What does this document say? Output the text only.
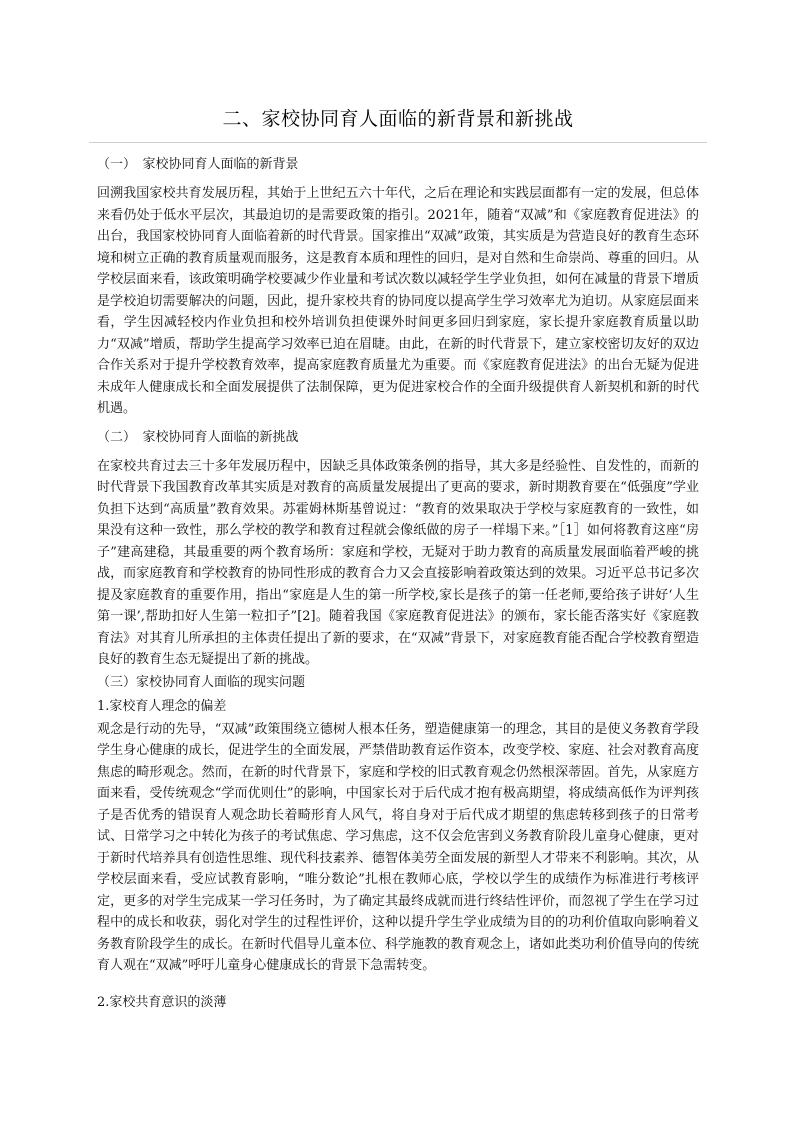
二、家校协同育人面临的新背景和新挑战
（一）　家校协同育人面临的新背景

回溯我国家校共育发展历程，其始于上世纪五六十年代，之后在理论和实践层面都有一定的发展，但总体来看仍处于低水平层次，其最迫切的是需要政策的指引。2021年，随着“双减”和《家庭教育促进法》的出台，我国家校协同育人面临着新的时代背景。国家推出“双减”政策，其实质是为营造良好的教育生态环境和树立正确的教育质量观而服务，这是教育本质和理性的回归，是对自然和生命崇尚、尊重的回归。从学校层面来看，该政策明确学校要减少作业量和考试次数以减轻学生学业负担，如何在减量的背景下增质是学校迫切需要解决的问题，因此，提升家校共育的协同度以提高学生学习效率尤为迫切。从家庭层面来看，学生因减轻校内作业负担和校外培训负担使课外时间更多回归到家庭，家长提升家庭教育质量以助力“双减”增质，帮助学生提高学习效率已迫在眉睫。由此，在新的时代背景下，建立家校密切友好的双边合作关系对于提升学校教育效率，提高家庭教育质量尤为重要。而《家庭教育促进法》的出台无疑为促进未成年人健康成长和全面发展提供了法制保障，更为促进家校合作的全面升级提供育人新契机和新的时代机遇。

（二）　家校协同育人面临的新挑战

在家校共育过去三十多年发展历程中，因缺乏具体政策条例的指导，其大多是经验性、自发性的，而新的时代背景下我国教育改革其实质是对教育的高质量发展提出了更高的要求，新时期教育要在“低强度”学业负担下达到“高质量”教育效果。苏霍姆林斯基曾说过：“教育的效果取决于学校与家庭教育的一致性，如果没有这种一致性，那么学校的教学和教育过程就会像纸做的房子一样塌下来。”［1］如何将教育这座“房子”建高建稳，其最重要的两个教育场所：家庭和学校，无疑对于助力教育的高质量发展面临着严峻的挑战，而家庭教育和学校教育的协同性形成的教育合力又会直接影响着政策达到的效果。习近平总书记多次提及家庭教育的重要作用，指出“家庭是人生的第一所学校,家长是孩子的第一任老师,要给孩子讲好‘人生第一课’,帮助扣好人生第一粒扣子”[2]。随着我国《家庭教育促进法》的颁布，家长能否落实好《家庭教育法》对其育儿所承担的主体责任提出了新的要求，在“双减”背景下，对家庭教育能否配合学校教育塑造良好的教育生态无疑提出了新的挑战。

（三）家校协同育人面临的现实问题
1.家校育人理念的偏差

观念是行动的先导，“双减”政策围绕立德树人根本任务，塑造健康第一的理念，其目的是使义务教育学段学生身心健康的成长，促进学生的全面发展，严禁借助教育运作资本，改变学校、家庭、社会对教育高度焦虑的畸形观念。然而，在新的时代背景下，家庭和学校的旧式教育观念仍然根深蒂固。首先，从家庭方面来看，受传统观念“学而优则仕”的影响，中国家长对于后代成才抱有极高期望，将成绩高低作为评判孩子是否优秀的错误育人观念助长着畸形育人风气，将自身对于后代成才期望的焦虑转移到孩子的日常考试、日常学习之中转化为孩子的考试焦虑、学习焦虑，这不仅会危害到义务教育阶段儿童身心健康，更对于新时代培养具有创造性思维、现代科技素养、德智体美劳全面发展的新型人才带来不利影响。其次，从学校层面来看，受应试教育影响，“唯分数论”扎根在教师心底，学校以学生的成绩作为标准进行考核评定，更多的对学生完成某一学习任务时，为了确定其最终成就而进行终结性评价，而忽视了学生在学习过程中的成长和收获，弱化对学生的过程性评价，这种以提升学生学业成绩为目的的功利价值取向影响着义务教育阶段学生的成长。在新时代倡导儿童本位、科学施教的教育观念上，诸如此类功利价值导向的传统育人观在“双减”呼吁儿童身心健康成长的背景下急需转变。

2.家校共育意识的淡薄
